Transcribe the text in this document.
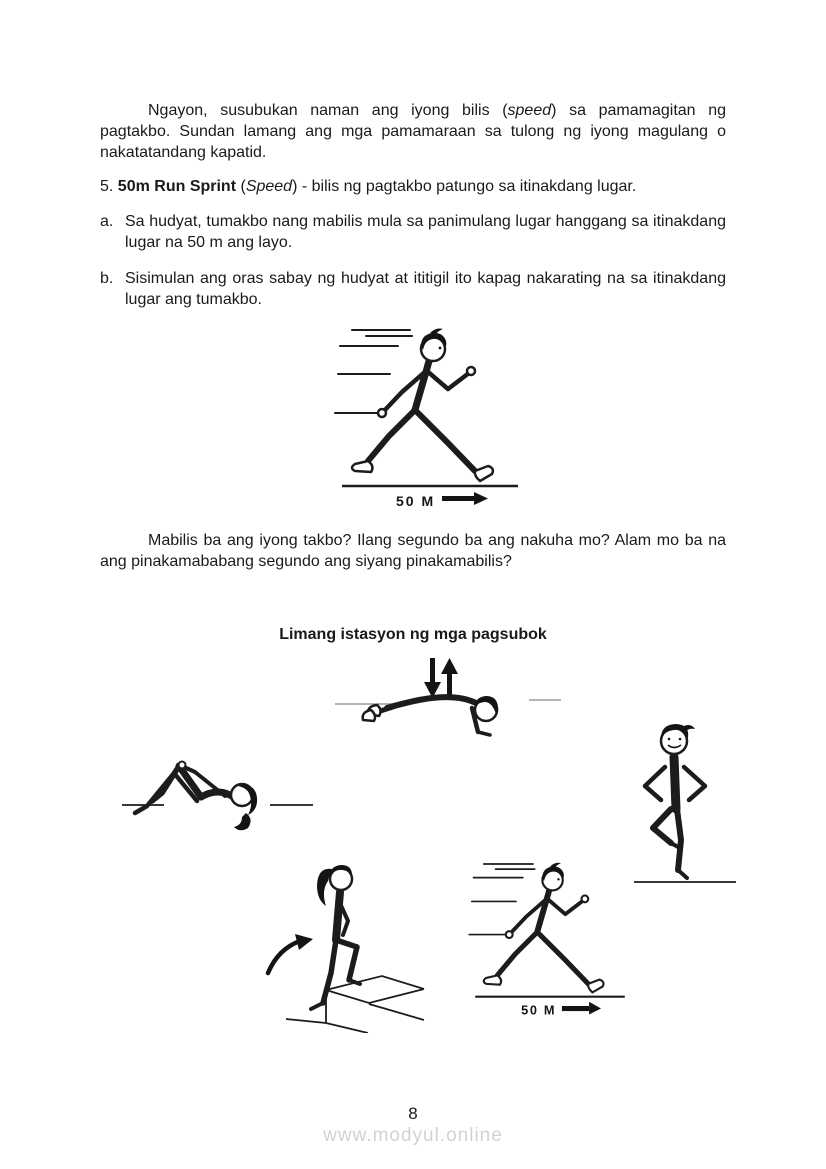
Ngayon, susubukan naman ang iyong bilis (speed) sa pamamagitan ng pagtakbo. Sundan lamang ang mga pamamaraan sa tulong ng iyong magulang o nakatatandang kapatid.

5. 50m Run Sprint (Speed) - bilis ng pagtakbo patungo sa itinakdang lugar.

a. Sa hudyat, tumakbo nang mabilis mula sa panimulang lugar hanggang sa itinakdang lugar na 50 m ang layo.
b. Sisimulan ang oras sabay ng hudyat at ititigil ito kapag nakarating na sa itinakdang lugar ang tumakbo.
50 M

Mabilis ba ang iyong takbo? Ilang segundo ba ang nakuha mo? Alam mo ba na ang pinakamababang segundo ang siyang pinakamabilis?

Limang istasyon ng mga pagsubok
50 M
8
www.modyul.online
